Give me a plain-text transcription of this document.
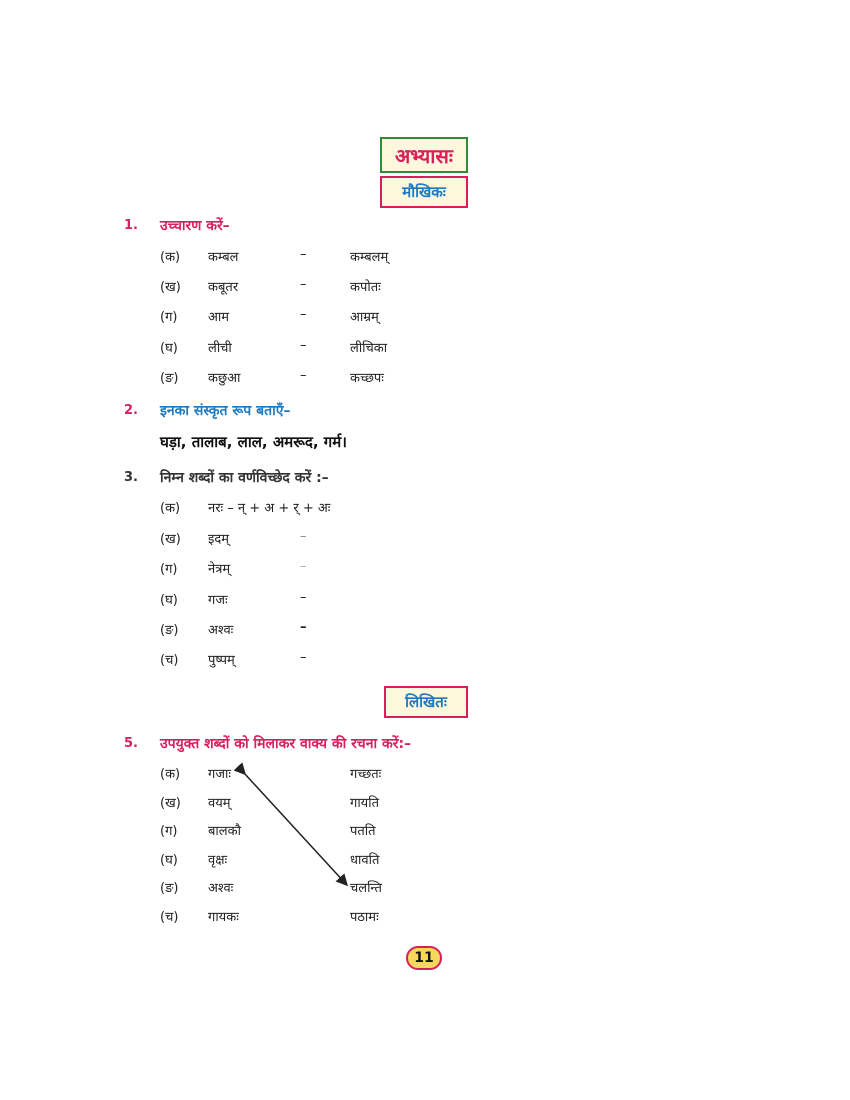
अभ्यासः
मौखिकः
1. उच्चारण करें–
(क) कम्बल	–	कम्बलम्
(ख) कबूतर	–	कपोतः
(ग) आम	–	आम्रम्
(घ) लीची	–	लीचिका
(ङ) कछुआ	–	कच्छपः
2. इनका संस्कृत रूप बताएँ–
घड़ा, तालाब, लाल, अमरूद, गर्म।
3. निम्न शब्दों का वर्णविच्छेद करें :–
(क) नरः – न् + अ + र् + अः
(ख) इदम्	–
(ग) नेत्रम्	–
(घ) गजः	–
(ङ) अश्वः	–
(च) पुष्पम्	–
लिखितः
5. उपयुक्त शब्दों को मिलाकर वाक्य की रचना करें:–
(क) गजाः	गच्छतः
(ख) वयम्	गायति
(ग) बालकौ	पतति
(घ) वृक्षः	धावति
(ङ) अश्वः	चलन्ति
(च) गायकः	पठामः
11
